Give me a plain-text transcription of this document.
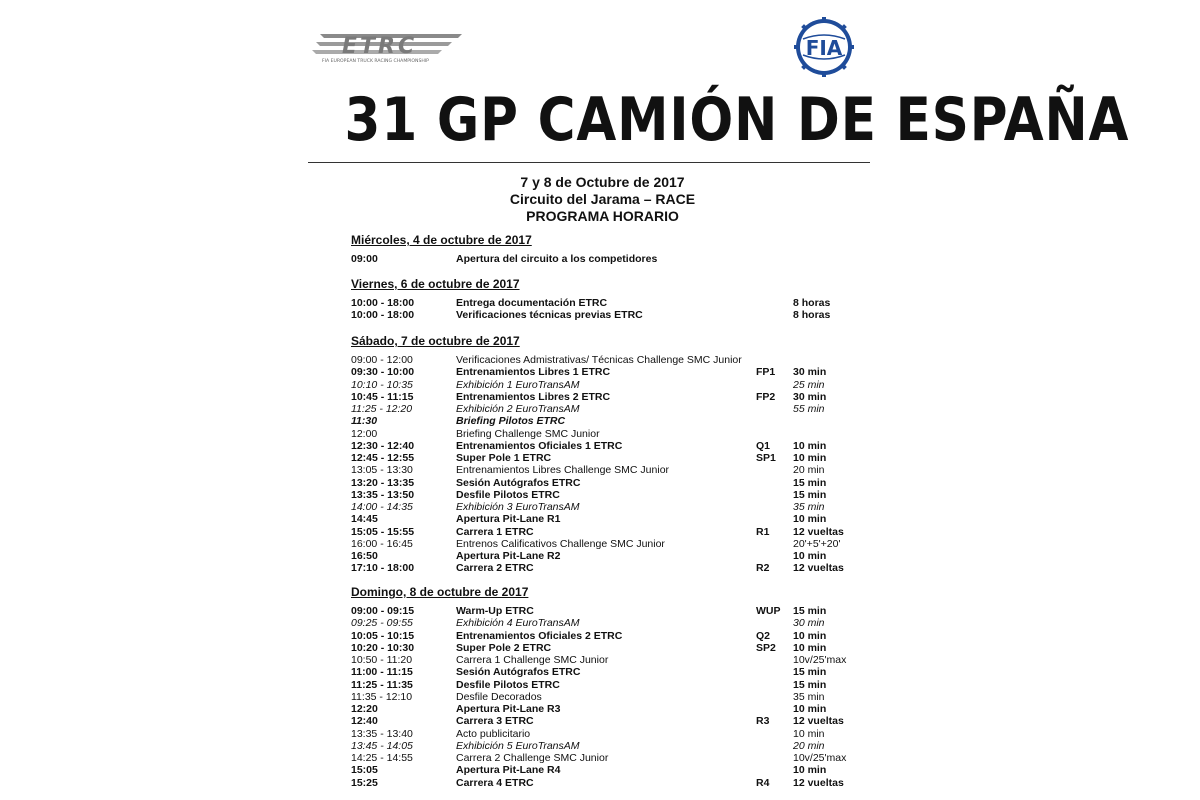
ETRC
FIA EUROPEAN TRUCK RACING CHAMPIONSHIP
FIA
31 GP CAMIÓN DE ESPAÑA
7 y 8 de Octubre de 2017
Circuito del Jarama – RACE
PROGRAMA HORARIO
Miércoles, 4 de octubre de 2017
09:00	Apertura del circuito a los competidores
Viernes, 6 de octubre de 2017
10:00 - 18:00	Entrega documentación ETRC	8 horas
10:00 - 18:00	Verificaciones técnicas previas ETRC	8 horas
Sábado, 7 de octubre de 2017
09:00 - 12:00	Verificaciones Admistrativas/ Técnicas Challenge SMC Junior
09:30 - 10:00	Entrenamientos Libres 1 ETRC	FP1 30 min
10:10 - 10:35	Exhibición 1 EuroTransAM	25 min
10:45 - 11:15	Entrenamientos Libres 2 ETRC	FP2 30 min
11:25 - 12:20	Exhibición 2 EuroTransAM	55 min
11:30	Briefing Pilotos ETRC
12:00	Briefing Challenge SMC Junior
12:30 - 12:40	Entrenamientos Oficiales 1 ETRC	Q1 10 min
12:45 - 12:55	Super Pole 1 ETRC	SP1 10 min
13:05 - 13:30	Entrenamientos Libres Challenge SMC Junior	20 min
13:20 - 13:35	Sesión Autógrafos ETRC	15 min
13:35 - 13:50	Desfile Pilotos ETRC	15 min
14:00 - 14:35	Exhibición 3 EuroTransAM	35 min
14:45	Apertura Pit-Lane R1	10 min
15:05 - 15:55	Carrera 1 ETRC	R1 12 vueltas
16:00 - 16:45	Entrenos Calificativos Challenge SMC Junior	20'+5'+20'
16:50	Apertura Pit-Lane R2	10 min
17:10 - 18:00	Carrera 2 ETRC	R2 12 vueltas
Domingo, 8 de octubre de 2017
09:00 - 09:15	Warm-Up ETRC	WUP 15 min
09:25 - 09:55	Exhibición 4 EuroTransAM	30 min
10:05 - 10:15	Entrenamientos Oficiales 2 ETRC	Q2 10 min
10:20 - 10:30	Super Pole 2 ETRC	SP2 10 min
10:50 - 11:20	Carrera 1 Challenge SMC Junior	10v/25'max
11:00 - 11:15	Sesión Autógrafos ETRC	15 min
11:25 - 11:35	Desfile Pilotos ETRC	15 min
11:35 - 12:10	Desfile Decorados	35 min
12:20	Apertura Pit-Lane R3	10 min
12:40	Carrera 3 ETRC	R3 12 vueltas
13:35 - 13:40	Acto publicitario	10 min
13:45 - 14:05	Exhibición 5 EuroTransAM	20 min
14:25 - 14:55	Carrera 2 Challenge SMC Junior	10v/25'max
15:05	Apertura Pit-Lane R4	10 min
15:25	Carrera 4 ETRC	R4 12 vueltas
